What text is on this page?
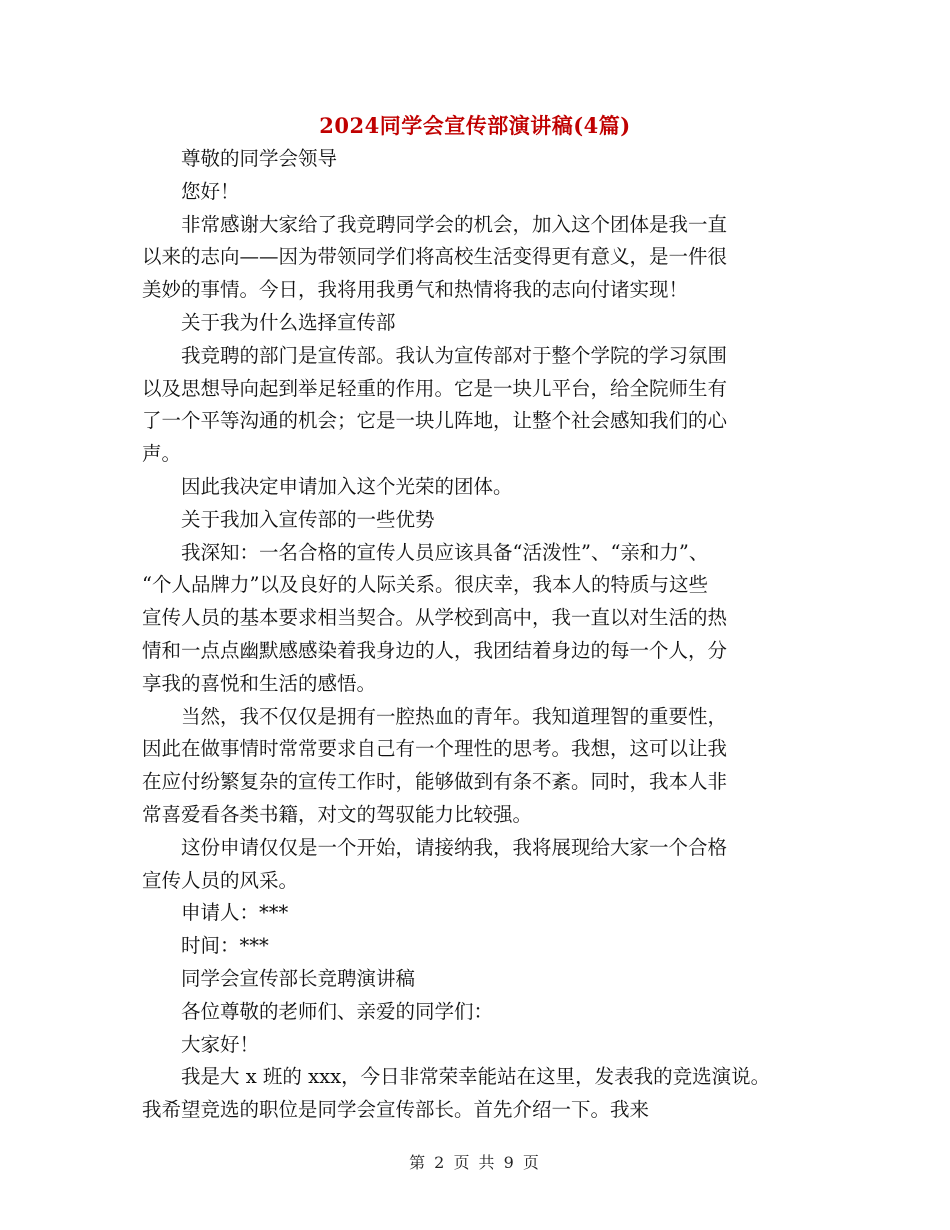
2024同学会宣传部演讲稿(4篇)

尊敬的同学会领导

您好！

非常感谢大家给了我竞聘同学会的机会，加入这个团体是我一直
以来的志向——因为带领同学们将高校生活变得更有意义，是一件很
美妙的事情。今日，我将用我勇气和热情将我的志向付诸实现！

关于我为什么选择宣传部

我竞聘的部门是宣传部。我认为宣传部对于整个学院的学习氛围
以及思想导向起到举足轻重的作用。它是一块儿平台，给全院师生有
了一个平等沟通的机会；它是一块儿阵地，让整个社会感知我们的心
声。

因此我决定申请加入这个光荣的团体。

关于我加入宣传部的一些优势

我深知：一名合格的宣传人员应该具备“活泼性”、“亲和力”、
“个人品牌力”以及良好的人际关系。很庆幸，我本人的特质与这些
宣传人员的基本要求相当契合。从学校到高中，我一直以对生活的热
情和一点点幽默感感染着我身边的人，我团结着身边的每一个人，分
享我的喜悦和生活的感悟。

当然，我不仅仅是拥有一腔热血的青年。我知道理智的重要性，
因此在做事情时常常要求自己有一个理性的思考。我想，这可以让我
在应付纷繁复杂的宣传工作时，能够做到有条不紊。同时，我本人非
常喜爱看各类书籍，对文的驾驭能力比较强。

这份申请仅仅是一个开始，请接纳我，我将展现给大家一个合格
宣传人员的风采。

申请人：***

时间：***

同学会宣传部长竞聘演讲稿

各位尊敬的老师们、亲爱的同学们：

大家好！

我是大 x 班的 xxx，今日非常荣幸能站在这里，发表我的竞选演说。
我希望竞选的职位是同学会宣传部长。首先介绍一下。我来

第 2 页 共 9 页
